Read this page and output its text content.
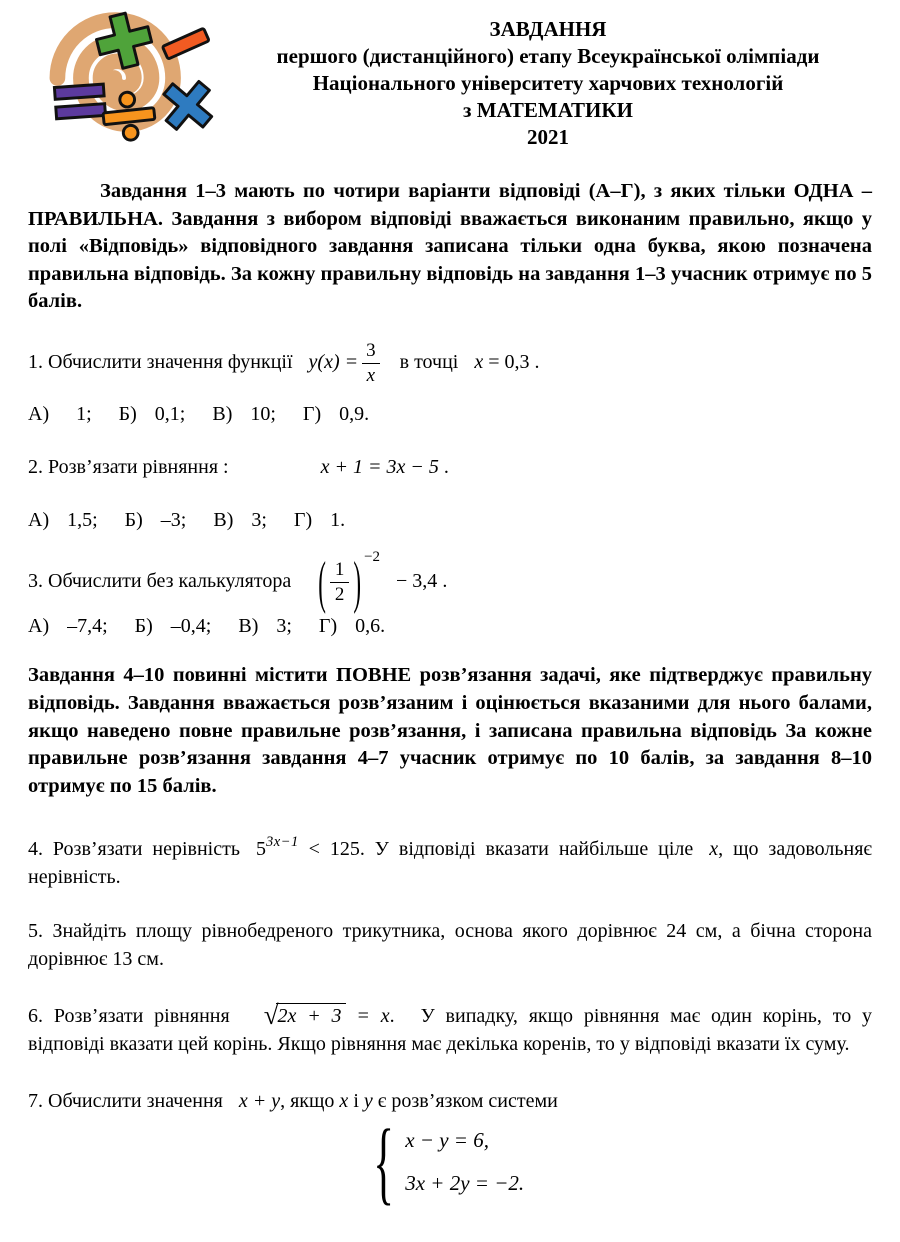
ЗАВДАННЯ
першого (дистанційного) етапу Всеукраїнської олімпіади
Національного університету харчових технологій
з МАТЕМАТИКИ
2021

Завдання 1–3 мають по чотири варіанти відповіді (А–Г), з яких тільки ОДНА – ПРАВИЛЬНА. Завдання з вибором відповіді вважається виконаним правильно, якщо у полі «Відповідь» відповідного завдання записана тільки одна буква, якою позначена правильна відповідь. За кожну правильну відповідь на завдання 1–3 учасник отримує по 5 балів.

1. Обчислити значення функції $y(x) = \frac{3}{x}$ в точці x = 0,3 .
А)   1;   Б)  0,1;   В)  10;   Г)  0,9.
2. Розв’язати рівняння :	x + 1 = 3x − 5 .
А)  1,5;   Б)  –3;   В)  3;   Г)  1.
3. Обчислити без калькулятора ( $\frac{1}{2}$ ) −2− 3,4 .
А)  –7,4;   Б)  –0,4;   В)  3;   Г)  0,6.

Завдання 4–10 повинні містити ПОВНЕ розв’язання задачі, яке підтверджує правильну відповідь. Завдання вважається розв’язаним і оцінюється вказаними для нього балами, якщо наведено повне правильне розв’язання, і записана правильна відповідь За кожне правильне розв’язання завдання 4–7 учасник отримує по 10 балів, за завдання 8–10 отримує по 15 балів.

4. Розв’язати нерівність $5^{3x-1} < 125$. У відповіді вказати найбільше ціле x, що задовольняє нерівність.

5. Знайдіть площу рівнобедреного трикутника, основа якого дорівнює 24 см, а бічна сторона дорівнює 13 см.

6. Розв’язати рівняння √2x + 3 = x. У випадку, якщо рівняння має один корінь, то у відповіді вказати цей корінь. Якщо рівняння має декілька коренів, то у відповіді вказати їх суму.

7. Обчислити значення x + y, якщо x і y є розв’язком системи

{ x − y = 6,
3x + 2y = −2.
